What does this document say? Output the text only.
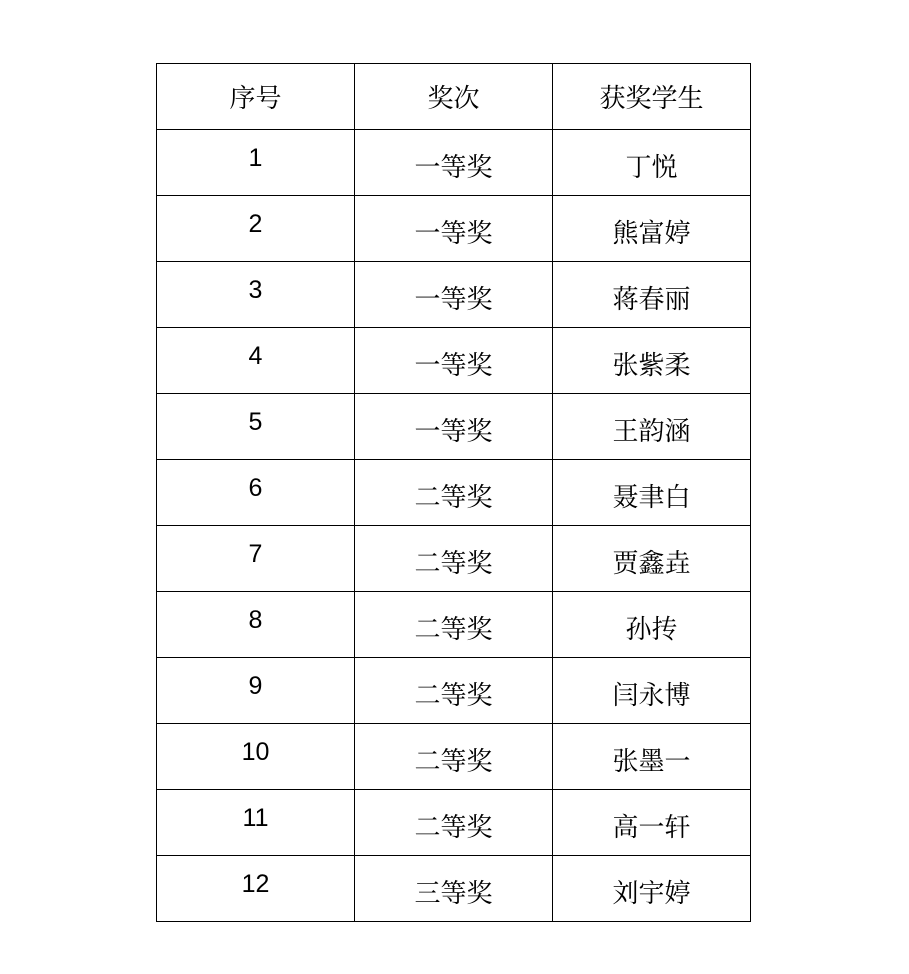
序号	奖次	获奖学生
1	一等奖	丁悦
2	一等奖	熊富婷
3	一等奖	蒋春丽
4	一等奖	张紫柔
5	一等奖	王韵涵
6	二等奖	聂聿白
7	二等奖	贾鑫垚
8	二等奖	孙抟
9	二等奖	闫永博
10	二等奖	张墨一
11	二等奖	高一轩
12	三等奖	刘宇婷
